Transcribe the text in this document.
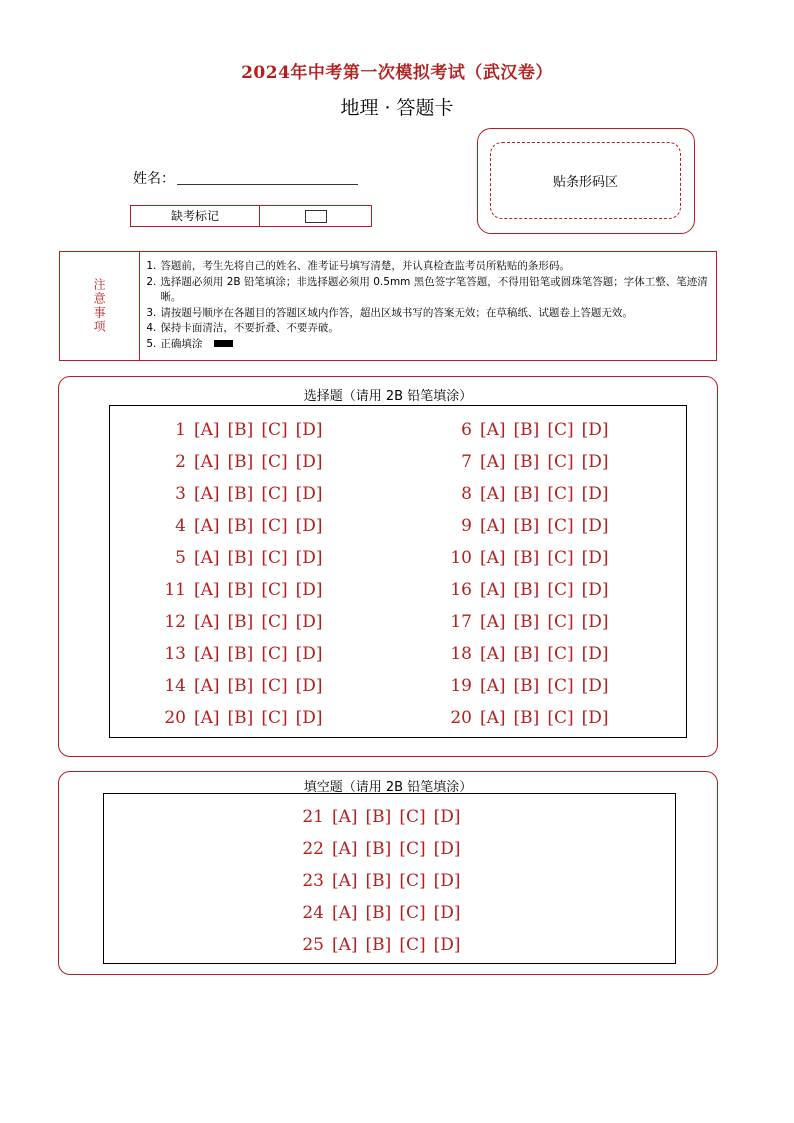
2024年中考第一次模拟考试（武汉卷）
地理 · 答题卡
姓名：
缺考标记
贴条形码区
注意事项
1. 答题前，考生先将自己的姓名、准考证号填写清楚，并认真检查监考员所粘贴的条形码。
2. 选择题必须用 2B 铅笔填涂；非选择题必须用 0.5mm 黑色签字笔答题，不得用铅笔或圆珠笔答题；字体工整、笔迹清晰。
3. 请按题号顺序在各题目的答题区域内作答，超出区域书写的答案无效；在草稿纸、试题卷上答题无效。
4. 保持卡面清洁，不要折叠、不要弄破。
5. 正确填涂
选择题（请用 2B 铅笔填涂）
1 [A] [B] [C] [D]
2 [A] [B] [C] [D]
3 [A] [B] [C] [D]
4 [A] [B] [C] [D]
5 [A] [B] [C] [D]
11 [A] [B] [C] [D]
12 [A] [B] [C] [D]
13 [A] [B] [C] [D]
14 [A] [B] [C] [D]
20 [A] [B] [C] [D]
6 [A] [B] [C] [D]
7 [A] [B] [C] [D]
8 [A] [B] [C] [D]
9 [A] [B] [C] [D]
10 [A] [B] [C] [D]
16 [A] [B] [C] [D]
17 [A] [B] [C] [D]
18 [A] [B] [C] [D]
19 [A] [B] [C] [D]
20 [A] [B] [C] [D]
填空题（请用 2B 铅笔填涂）
21 [A] [B] [C] [D]
22 [A] [B] [C] [D]
23 [A] [B] [C] [D]
24 [A] [B] [C] [D]
25 [A] [B] [C] [D]
